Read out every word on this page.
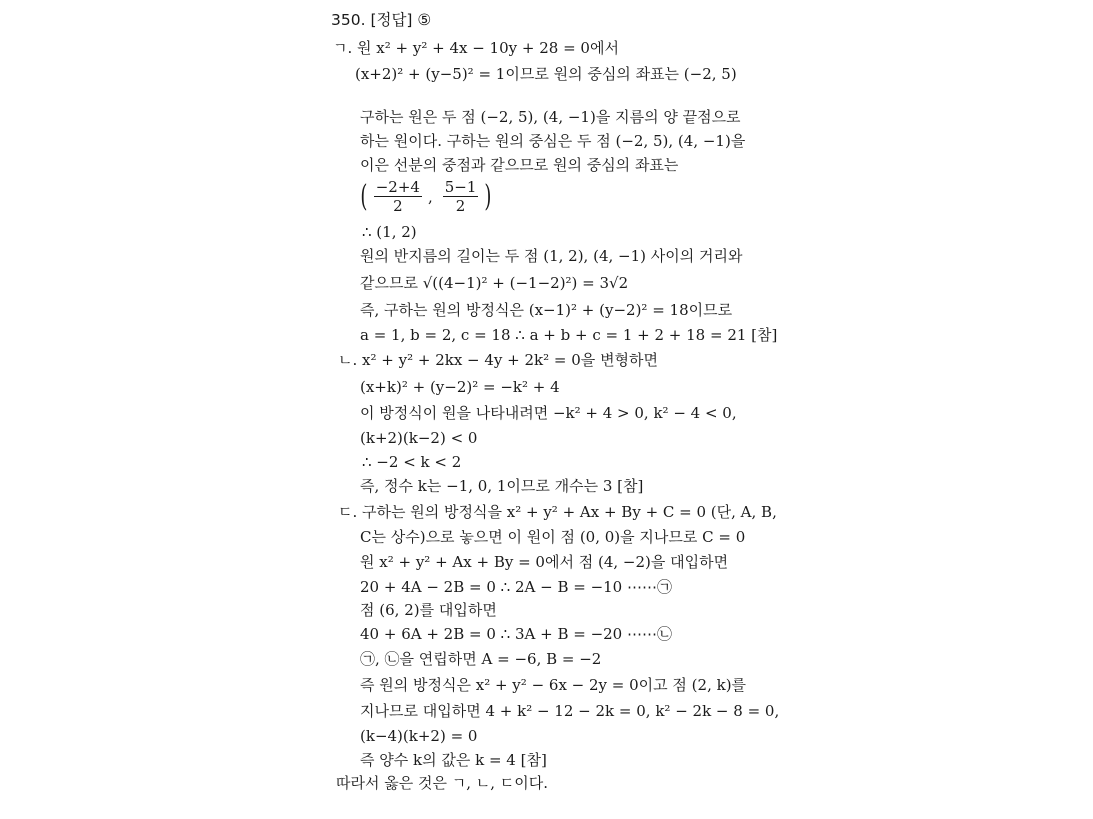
350. [정답] ⑤
ㄱ. 원 x² + y² + 4x − 10y + 28 = 0에서
(x+2)² + (y−5)² = 1이므로 원의 중심의 좌표는 (−2, 5)
구하는 원은 두 점 (−2, 5), (4, −1)을 지름의 양 끝점으로
하는 원이다. 구하는 원의 중심은 두 점 (−2, 5), (4, −1)을
이은 선분의 중점과 같으므로 원의 중심의 좌표는
( $\frac{-2+4}{2}$ , $\frac{5-1}{2}$ )
∴ (1, 2)
원의 반지름의 길이는 두 점 (1, 2), (4, −1) 사이의 거리와
같으므로 √((4−1)² + (−1−2)²) = 3√2
즉, 구하는 원의 방정식은 (x−1)² + (y−2)² = 18이므로
a = 1, b = 2, c = 18 ∴ a + b + c = 1 + 2 + 18 = 21 [참]
ㄴ. x² + y² + 2kx − 4y + 2k² = 0을 변형하면
(x+k)² + (y−2)² = −k² + 4
이 방정식이 원을 나타내려면 −k² + 4 > 0, k² − 4 < 0,
(k+2)(k−2) < 0
∴ −2 < k < 2
즉, 정수 k는 −1, 0, 1이므로 개수는 3 [참]
ㄷ. 구하는 원의 방정식을 x² + y² + Ax + By + C = 0 (단, A, B,
C는 상수)으로 놓으면 이 원이 점 (0, 0)을 지나므로 C = 0
원 x² + y² + Ax + By = 0에서 점 (4, −2)을 대입하면
20 + 4A − 2B = 0 ∴ 2A − B = −10 ⋯⋯㉠
점 (6, 2)를 대입하면
40 + 6A + 2B = 0 ∴ 3A + B = −20 ⋯⋯㉡
㉠, ㉡을 연립하면 A = −6, B = −2
즉 원의 방정식은 x² + y² − 6x − 2y = 0이고 점 (2, k)를
지나므로 대입하면 4 + k² − 12 − 2k = 0, k² − 2k − 8 = 0,
(k−4)(k+2) = 0
즉 양수 k의 값은 k = 4 [참]
따라서 옳은 것은 ㄱ, ㄴ, ㄷ이다.
